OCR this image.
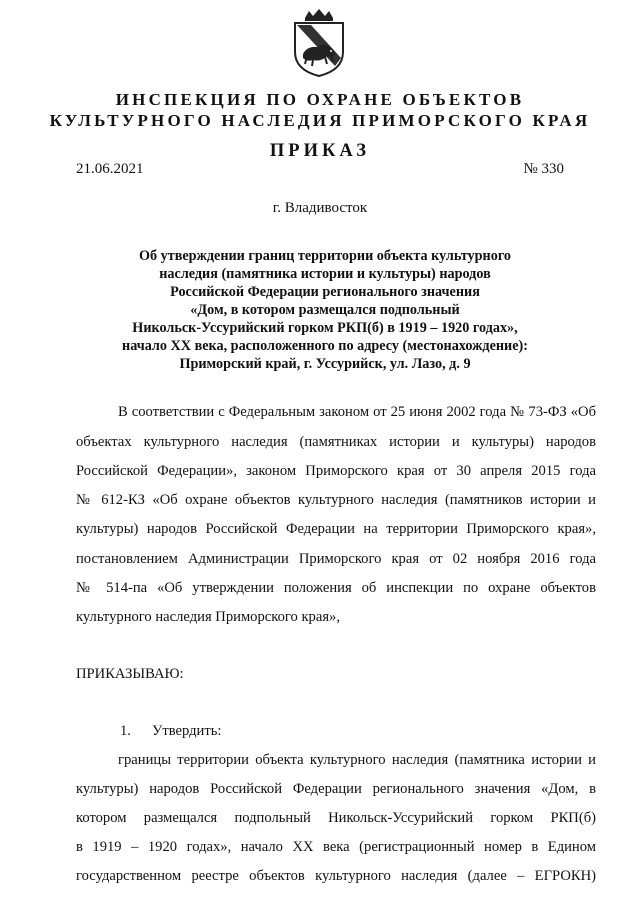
ИНСПЕКЦИЯ ПО ОХРАНЕ ОБЪЕКТОВ
КУЛЬТУРНОГО НАСЛЕДИЯ ПРИМОРСКОГО КРАЯ
ПРИКАЗ
21.06.2021	№ 330
г. Владивосток
Об утверждении границ территории объекта культурного
наследия (памятника истории и культуры) народов
Российской Федерации регионального значения
«Дом, в котором размещался подпольный
Никольск-Уссурийский горком РКП(б) в 1919 – 1920 годах»,
начало XX века, расположенного по адресу (местонахождение):
Приморский край, г. Уссурийск, ул. Лазо, д. 9
В соответствии с Федеральным законом от 25 июня 2002 года № 73-ФЗ «Об
объектах культурного наследия (памятниках истории и культуры) народов
Российской Федерации», законом Приморского края от 30 апреля 2015 года
№ 612-КЗ «Об охране объектов культурного наследия (памятников истории и
культуры) народов Российской Федерации на территории Приморского края»,
постановлением Администрации Приморского края от 02 ноября 2016 года
№ 514-па «Об утверждении положения об инспекции по охране объектов
культурного наследия Приморского края»,
ПРИКАЗЫВАЮ:
1. Утвердить:
границы территории объекта культурного наследия (памятника истории и
культуры) народов Российской Федерации регионального значения «Дом, в
котором размещался подпольный Никольск-Уссурийский горком РКП(б)
в 1919 – 1920 годах», начало XX века (регистрационный номер в Едином
государственном реестре объектов культурного наследия (далее – ЕГРОКН)
